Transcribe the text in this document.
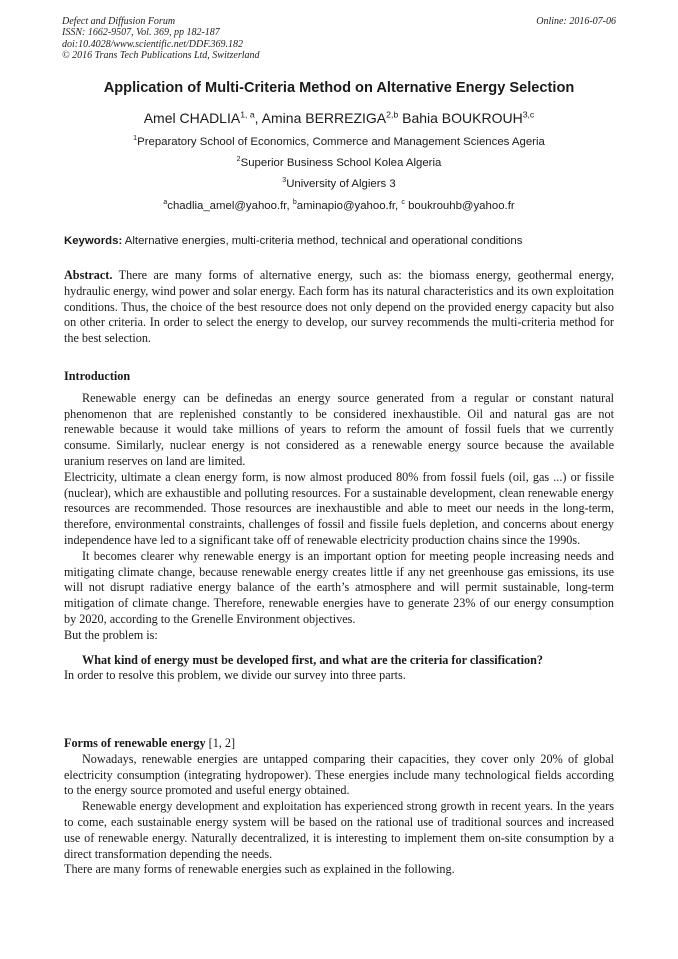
Defect and Diffusion Forum
ISSN: 1662-9507, Vol. 369, pp 182-187
doi:10.4028/www.scientific.net/DDF.369.182
© 2016 Trans Tech Publications Ltd, Switzerland
Online: 2016-07-06
Application of Multi-Criteria Method on Alternative Energy Selection
Amel CHADLIA$^{1, a}$, Amina BERREZIGA$^{2,b}$ Bahia BOUKROUH$^{3,c}$
$^1$Preparatory School of Economics, Commerce and Management Sciences Ageria
$^2$Superior Business School Kolea Algeria
$^3$University of Algiers 3
$^a$chadlia_amel@yahoo.fr, $^b$aminapio@yahoo.fr, $^c$ boukrouhb@yahoo.fr
Keywords: Alternative energies, multi-criteria method, technical and operational conditions

Abstract. There are many forms of alternative energy, such as: the biomass energy, geothermal energy, hydraulic energy, wind power and solar energy. Each form has its natural characteristics and its own exploitation conditions. Thus, the choice of the best resource does not only depend on the provided energy capacity but also on other criteria. In order to select the energy to develop, our survey recommends the multi-criteria method for the best selection.

Introduction

Renewable energy can be definedas an energy source generated from a regular or constant natural phenomenon that are replenished constantly to be considered inexhaustible. Oil and natural gas are not renewable because it would take millions of years to reform the amount of fossil fuels that we currently consume. Similarly, nuclear energy is not considered as a renewable energy source because the available uranium reserves on land are limited.

Electricity, ultimate a clean energy form, is now almost produced 80% from fossil fuels (oil, gas ...) or fissile (nuclear), which are exhaustible and polluting resources. For a sustainable development, clean renewable energy resources are recommended. Those resources are inexhaustible and able to meet our needs in the long-term, therefore, environmental constraints, challenges of fossil and fissile fuels depletion, and concerns about energy independence have led to a significant take off of renewable electricity production chains since the 1990s.

It becomes clearer why renewable energy is an important option for meeting people increasing needs and mitigating climate change, because renewable energy creates little if any net greenhouse gas emissions, its use will not disrupt radiative energy balance of the earth’s atmosphere and will permit sustainable, long-term mitigation of climate change. Therefore, renewable energies have to generate 23% of our energy consumption by 2020, according to the Grenelle Environment objectives.

But the problem is:

What kind of energy must be developed first, and what are the criteria for classification?

In order to resolve this problem, we divide our survey into three parts.

Forms of renewable energy [1, 2]

Nowadays, renewable energies are untapped comparing their capacities, they cover only 20% of global electricity consumption (integrating hydropower). These energies include many technological fields according to the energy source promoted and useful energy obtained.

Renewable energy development and exploitation has experienced strong growth in recent years. In the years to come, each sustainable energy system will be based on the rational use of traditional sources and increased use of renewable energy. Naturally decentralized, it is interesting to implement them on-site consumption by a direct transformation depending the needs.

There are many forms of renewable energies such as explained in the following.
